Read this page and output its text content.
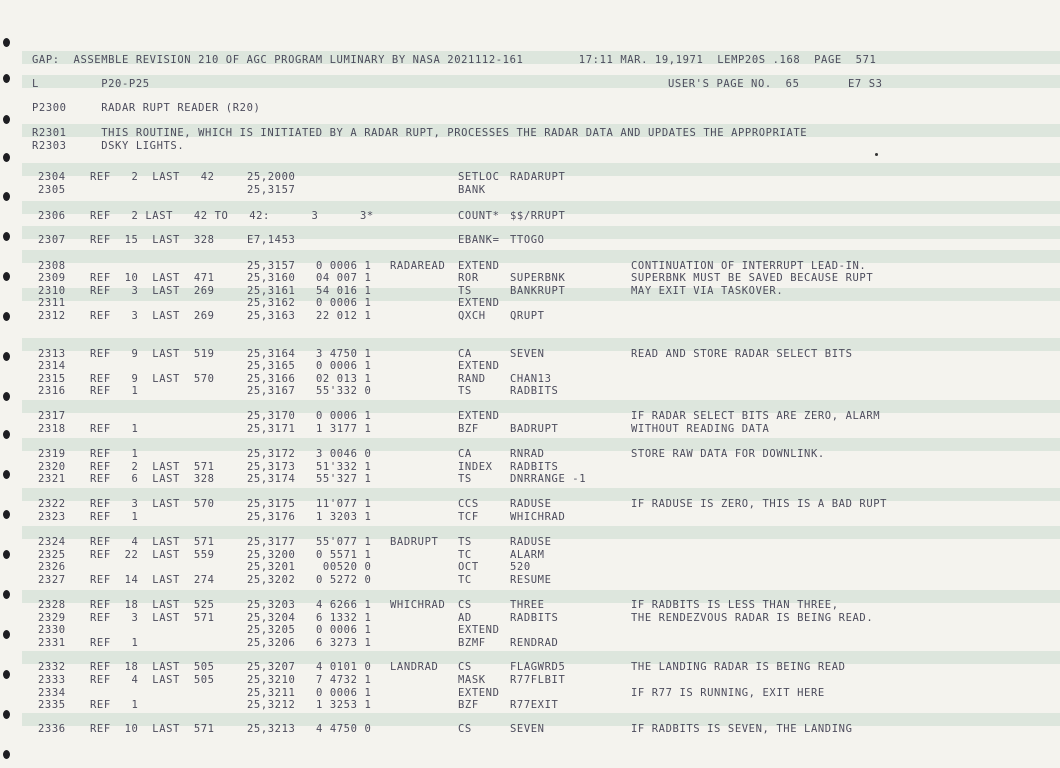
GAP:  ASSEMBLE REVISION 210 OF AGC PROGRAM LUMINARY BY NASA 2021112-161        17:11 MAR. 19,1971  LEMP20S .168  PAGE  571
L         P20-P25	USER'S PAGE NO.  65       E7 S3
P2300     RADAR RUPT READER (R20)
R2301     THIS ROUTINE, WHICH IS INITIATED BY A RADAR RUPT, PROCESSES THE RADAR DATA AND UPDATES THE APPROPRIATE
R2303     DSKY LIGHTS.
2304 REF   2  LAST   42	25,2000	SETLOC RADARUPT
2305	25,3157	BANK
2306 REF   2 LAST   42 TO   42:      3      3*	COUNT* $$/RRUPT
2307 REF  15  LAST  328	E7,1453	EBANK= TTOGO
2308	25,3157 0 0006 1 RADAREAD EXTEND	CONTINUATION OF INTERRUPT LEAD-IN.
2309 REF  10  LAST  471	25,3160 04 007 1	ROR	SUPERBNK	SUPERBNK MUST BE SAVED BECAUSE RUPT
2310 REF   3  LAST  269	25,3161 54 016 1	TS	BANKRUPT	MAY EXIT VIA TASKOVER.
2311	25,3162 0 0006 1	EXTEND
2312 REF   3  LAST  269	25,3163 22 012 1	QXCH QRUPT
2313 REF   9  LAST  519	25,3164 3 4750 1	CA	SEVEN	READ AND STORE RADAR SELECT BITS
2314	25,3165 0 0006 1	EXTEND
2315 REF   9  LAST  570	25,3166 02 013 1	RAND CHAN13
2316 REF   1	25,3167 55'332 0	TS	RADBITS
2317	25,3170 0 0006 1	EXTEND	IF RADAR SELECT BITS ARE ZERO, ALARM
2318 REF   1	25,3171 1 3177 1	BZF	BADRUPT	WITHOUT READING DATA
2319 REF   1	25,3172 3 0046 0	CA	RNRAD	STORE RAW DATA FOR DOWNLINK.
2320 REF   2  LAST  571	25,3173 51'332 1	INDEX RADBITS
2321 REF   6  LAST  328	25,3174 55'327 1	TS	DNRRANGE -1
2322 REF   3  LAST  570	25,3175 11'077 1	CCS	RADUSE	IF RADUSE IS ZERO, THIS IS A BAD RUPT
2323 REF   1	25,3176 1 3203 1	TCF	WHICHRAD
2324 REF   4  LAST  571	25,3177 55'077 1 BADRUPT TS	RADUSE
2325 REF  22  LAST  559	25,3200 0 5571 1	TC	ALARM
2326	25,3201 00520 0	OCT	520
2327 REF  14  LAST  274	25,3202 0 5272 0	TC	RESUME
2328 REF  18  LAST  525	25,3203 4 6266 1 WHICHRAD CS	THREE	IF RADBITS IS LESS THAN THREE,
2329 REF   3  LAST  571	25,3204 6 1332 1	AD	RADBITS	THE RENDEZVOUS RADAR IS BEING READ.
2330	25,3205 0 0006 1	EXTEND
2331 REF   1	25,3206 6 3273 1	BZMF RENDRAD
2332 REF  18  LAST  505	25,3207 4 0101 0 LANDRAD CS	FLAGWRD5	THE LANDING RADAR IS BEING READ
2333 REF   4  LAST  505	25,3210 7 4732 1	MASK R77FLBIT
2334	25,3211 0 0006 1	EXTEND	IF R77 IS RUNNING, EXIT HERE
2335 REF   1	25,3212 1 3253 1	BZF	R77EXIT
2336 REF  10  LAST  571	25,3213 4 4750 0	CS	SEVEN	IF RADBITS IS SEVEN, THE LANDING
